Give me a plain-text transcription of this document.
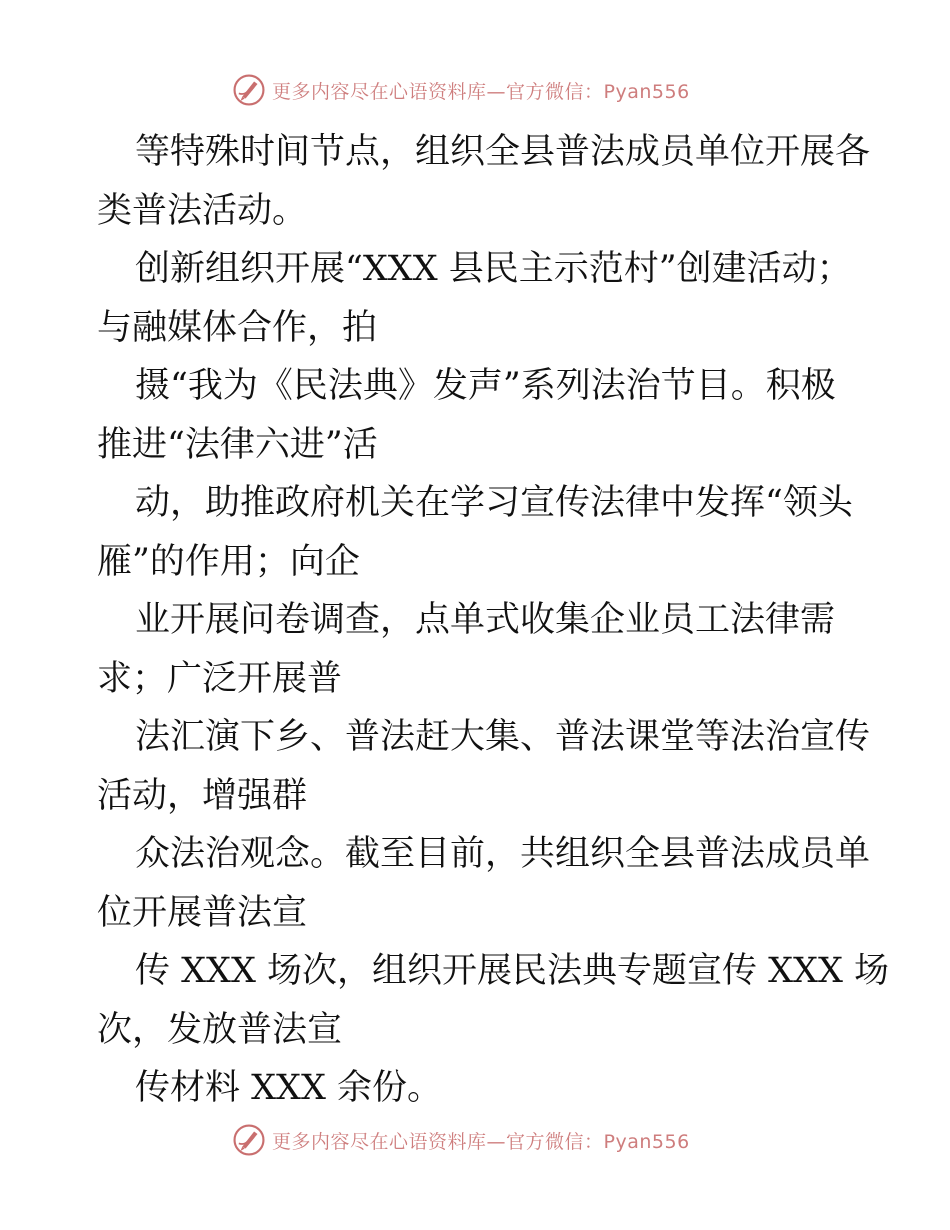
更多内容尽在心语资料库—官方微信：Pyan556

等特殊时间节点，组织全县普法成员单位开展各
类普法活动。
创新组织开展“XXX 县民主示范村”创建活动；
与融媒体合作，拍
摄“我为《民法典》发声”系列法治节目。积极
推进“法律六进”活
动，助推政府机关在学习宣传法律中发挥“领头
雁”的作用；向企
业开展问卷调查，点单式收集企业员工法律需
求；广泛开展普
法汇演下乡、普法赶大集、普法课堂等法治宣传
活动，增强群
众法治观念。截至目前，共组织全县普法成员单
位开展普法宣
传 XXX 场次，组织开展民法典专题宣传 XXX 场
次，发放普法宣
传材料 XXX 余份。

更多内容尽在心语资料库—官方微信：Pyan556
